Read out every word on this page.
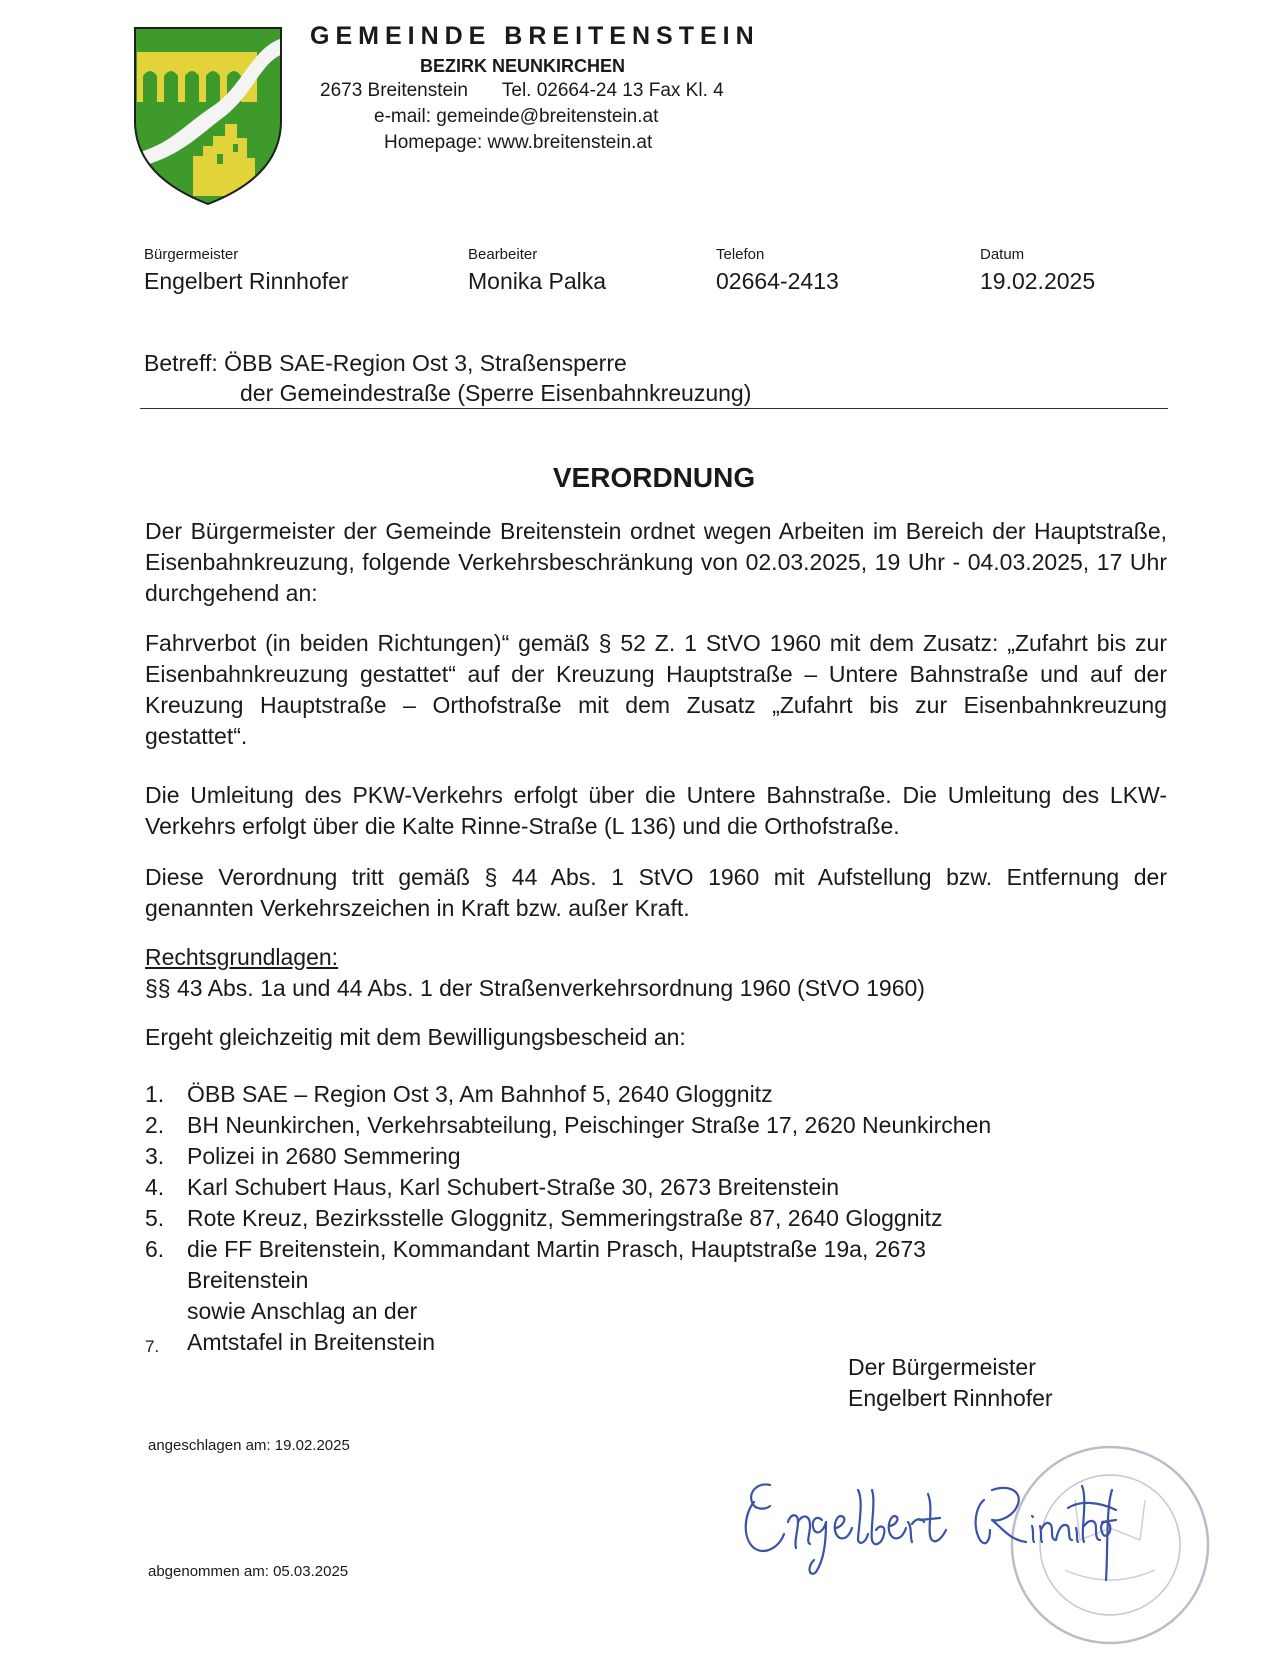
GEMEINDE BREITENSTEIN
BEZIRK NEUNKIRCHEN
2673 Breitenstein Tel. 02664-24 13 Fax Kl. 4
e-mail: gemeinde@breitenstein.at
Homepage: www.breitenstein.at
Bürgermeister
Engelbert Rinnhofer
Bearbeiter
Monika Palka
Telefon
02664-2413
Datum
19.02.2025
Betreff: ÖBB SAE-Region Ost 3, Straßensperre
der Gemeindestraße (Sperre Eisenbahnkreuzung)
VERORDNUNG
Der Bürgermeister der Gemeinde Breitenstein ordnet wegen Arbeiten im Bereich der Hauptstraße, Eisenbahnkreuzung, folgende Verkehrsbeschränkung von 02.03.2025, 19 Uhr - 04.03.2025, 17 Uhr durchgehend an:
Fahrverbot (in beiden Richtungen)“ gemäß § 52 Z. 1 StVO 1960 mit dem Zusatz: „Zufahrt bis zur Eisenbahnkreuzung gestattet“ auf der Kreuzung Hauptstraße – Untere Bahnstraße und auf der Kreuzung Hauptstraße – Orthofstraße mit dem Zusatz „Zufahrt bis zur Eisenbahnkreuzung gestattet“.
Die Umleitung des PKW-Verkehrs erfolgt über die Untere Bahnstraße. Die Umleitung des LKW-Verkehrs erfolgt über die Kalte Rinne-Straße (L 136) und die Orthofstraße.
Diese Verordnung tritt gemäß § 44 Abs. 1 StVO 1960 mit Aufstellung bzw. Entfernung der genannten Verkehrszeichen in Kraft bzw. außer Kraft.
Rechtsgrundlagen:
§§ 43 Abs. 1a und 44 Abs. 1 der Straßenverkehrsordnung 1960 (StVO 1960)
Ergeht gleichzeitig mit dem Bewilligungsbescheid an:
1. ÖBB SAE – Region Ost 3, Am Bahnhof 5, 2640 Gloggnitz
2. BH Neunkirchen, Verkehrsabteilung, Peischinger Straße 17, 2620 Neunkirchen
3. Polizei in 2680 Semmering
4. Karl Schubert Haus, Karl Schubert-Straße 30, 2673 Breitenstein
5. Rote Kreuz, Bezirksstelle Gloggnitz, Semmeringstraße 87, 2640 Gloggnitz
6. die FF Breitenstein, Kommandant Martin Prasch, Hauptstraße 19a, 2673
Breitenstein
sowie Anschlag an der
7. Amtstafel in Breitenstein
Der Bürgermeister
Engelbert Rinnhofer
angeschlagen am: 19.02.2025
abgenommen am: 05.03.2025
